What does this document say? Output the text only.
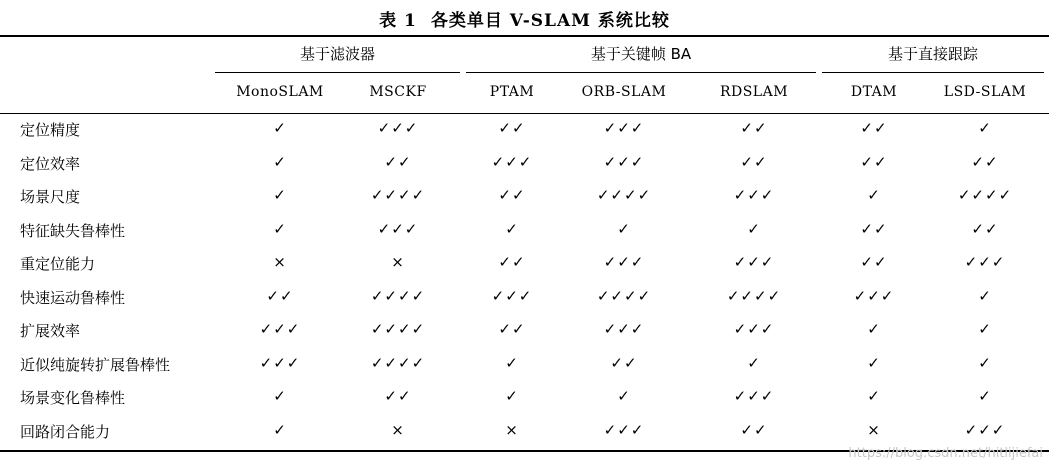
表 1 各类单目 V-SLAM 系统比较
基于滤波器	基于关键帧 BA	基于直接跟踪
MonoSLAM	MSCKF	PTAM	ORB-SLAM	RDSLAM	DTAM	LSD-SLAM
定位精度	✓	✓✓✓	✓✓	✓✓✓	✓✓	✓✓	✓
定位效率	✓	✓✓	✓✓✓	✓✓✓	✓✓	✓✓	✓✓
场景尺度	✓	✓✓✓✓	✓✓	✓✓✓✓	✓✓✓	✓	✓✓✓✓
特征缺失鲁棒性	✓	✓✓✓	✓	✓	✓	✓✓	✓✓
重定位能力	×	×	✓✓	✓✓✓	✓✓✓	✓✓	✓✓✓
快速运动鲁棒性	✓✓	✓✓✓✓	✓✓✓	✓✓✓✓	✓✓✓✓	✓✓✓	✓
扩展效率	✓✓✓	✓✓✓✓	✓✓	✓✓✓	✓✓✓	✓	✓
近似纯旋转扩展鲁棒性	✓✓✓	✓✓✓✓	✓	✓✓	✓	✓	✓
场景变化鲁棒性	✓	✓✓	✓	✓	✓✓✓	✓	✓
回路闭合能力	✓	×	×	✓✓✓	✓✓	×	✓✓✓
https://blog.csdn.net/hitlijiefai
